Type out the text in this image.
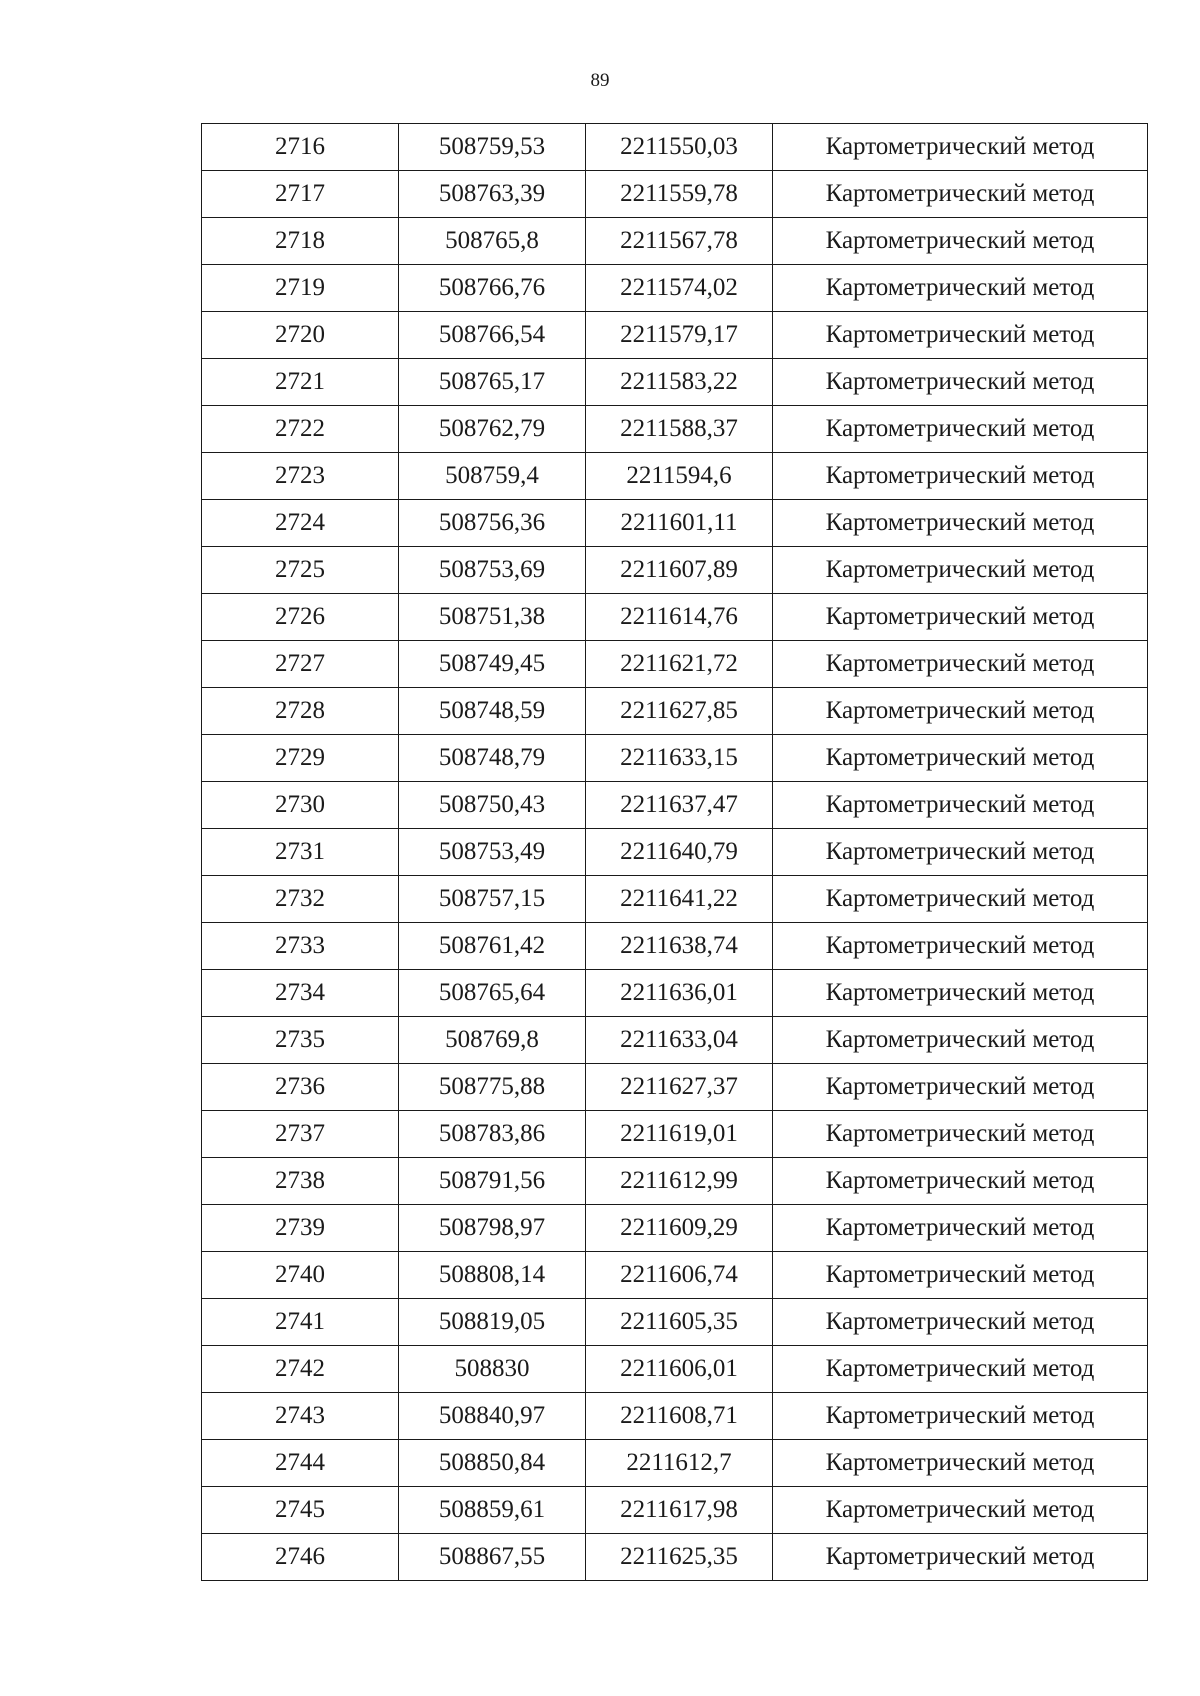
89
2716	508759,53	2211550,03	Картометрический метод
2717	508763,39	2211559,78	Картометрический метод
2718	508765,8	2211567,78	Картометрический метод
2719	508766,76	2211574,02	Картометрический метод
2720	508766,54	2211579,17	Картометрический метод
2721	508765,17	2211583,22	Картометрический метод
2722	508762,79	2211588,37	Картометрический метод
2723	508759,4	2211594,6	Картометрический метод
2724	508756,36	2211601,11	Картометрический метод
2725	508753,69	2211607,89	Картометрический метод
2726	508751,38	2211614,76	Картометрический метод
2727	508749,45	2211621,72	Картометрический метод
2728	508748,59	2211627,85	Картометрический метод
2729	508748,79	2211633,15	Картометрический метод
2730	508750,43	2211637,47	Картометрический метод
2731	508753,49	2211640,79	Картометрический метод
2732	508757,15	2211641,22	Картометрический метод
2733	508761,42	2211638,74	Картометрический метод
2734	508765,64	2211636,01	Картометрический метод
2735	508769,8	2211633,04	Картометрический метод
2736	508775,88	2211627,37	Картометрический метод
2737	508783,86	2211619,01	Картометрический метод
2738	508791,56	2211612,99	Картометрический метод
2739	508798,97	2211609,29	Картометрический метод
2740	508808,14	2211606,74	Картометрический метод
2741	508819,05	2211605,35	Картометрический метод
2742	508830	2211606,01	Картометрический метод
2743	508840,97	2211608,71	Картометрический метод
2744	508850,84	2211612,7	Картометрический метод
2745	508859,61	2211617,98	Картометрический метод
2746	508867,55	2211625,35	Картометрический метод
